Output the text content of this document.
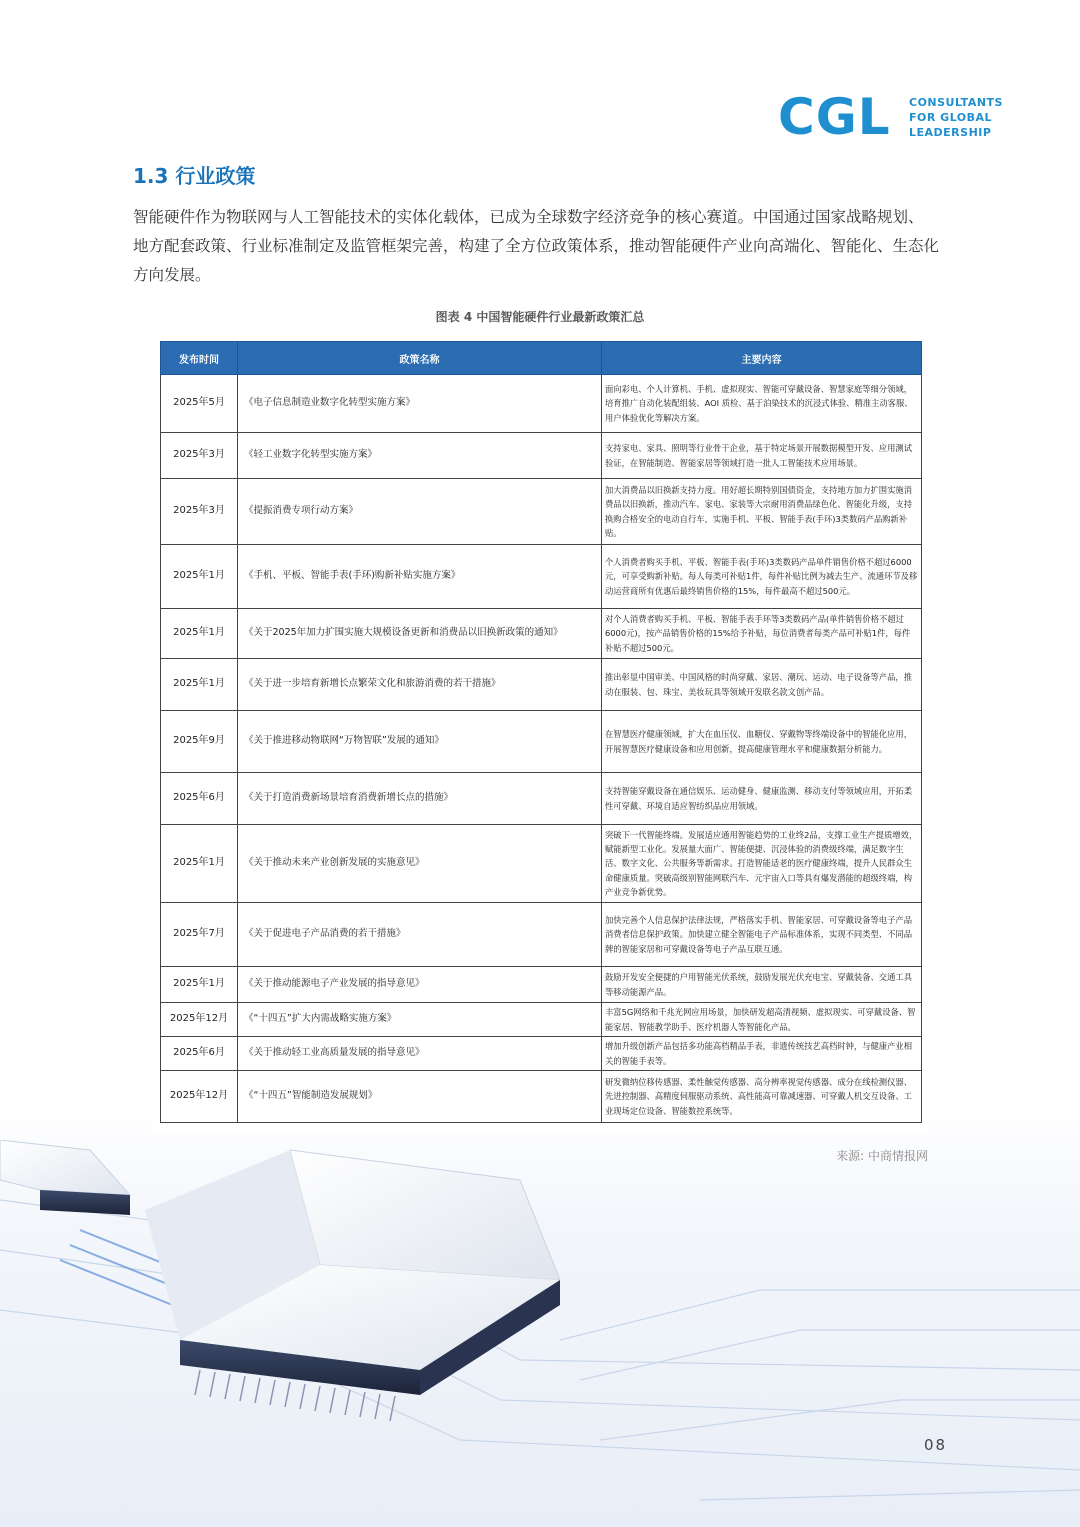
CGL CONSULTANTS
FOR GLOBAL
LEADERSHIP
1.3 行业政策

智能硬件作为物联网与人工智能技术的实体化载体，已成为全球数字经济竞争的核心赛道。中国通过国家战略规划、

地方配套政策、行业标准制定及监管框架完善，构建了全方位政策体系，推动智能硬件产业向高端化、智能化、生态化

方向发展。

图表 4 中国智能硬件行业最新政策汇总
发布时间	政策名称	主要内容
2025年5月	《电子信息制造业数字化转型实施方案》	面向彩电、个人计算机、手机、虚拟现实、智能可穿戴设备、智慧家庭等细分领域，培育推广自动化装配组装、AOI 质检、基于泊染技术的沉浸式体验、精准主动客服、用户体验优化等解决方案。
2025年3月	《轻工业数字化转型实施方案》	支持家电、家具、照明等行业骨干企业，基于特定场景开展数据模型开发、应用测试验证，在智能制造、智能家居等领域打造一批人工智能技术应用场景。
2025年3月	《提振消费专项行动方案》	加大消费品以旧换新支持力度。用好超长期特别国债资金，支持地方加力扩围实施消费品以旧换新，推动汽车、家电、家装等大宗耐用消费品绿色化、智能化升级，支持换购合格安全的电动自行车，实施手机、平板、智能手表(手环)3类数码产品购新补贴。
2025年1月	《手机、平板、智能手表(手环)购新补贴实施方案》	个人消费者购买手机、平板、智能手表(手环)3类数码产品单件销售价格不超过6000元，可享受购新补贴。每人每类可补贴1件，每件补贴比例为减去生产、流通环节及移动运营商所有优惠后最终销售价格的15%，每件最高不超过500元。
2025年1月	《关于2025年加力扩围实施大规模设备更新和消费品以旧换新政策的通知》	对个人消费者购买手机、平板、智能手表手环等3类数码产品(单件销售价格不超过6000元)，按产品销售价格的15%给予补贴，每位消费者每类产品可补贴1件，每件补贴不超过500元。
2025年1月	《关于进一步培育新增长点繁荣文化和旅游消费的若干措施》	推出彰显中国审美、中国风格的时尚穿戴、家居、潮玩、运动、电子设备等产品，推动在服装、包、珠宝、美妆玩具等领域开发联名款文创产品。
2025年9月	《关于推进移动物联网“万物智联”发展的通知》	在智慧医疗健康领域，扩大在血压仪、血糖仪、穿戴物等终端设备中的智能化应用，开展智慧医疗健康设备和应用创新，提高健康管理水平和健康数据分析能力。
2025年6月	《关于打造消费新场景培育消费新增长点的措施》	支持智能穿戴设备在通信娱乐、运动健身、健康监测、移动支付等领域应用，开拓柔性可穿戴、环境自适应智纺织品应用领域。
2025年1月	《关于推动未来产业创新发展的实施意见》	突破下一代智能终端。发展适应通用智能趋势的工业终2品，支撑工业生产提质增效，赋能新型工业化。发展量大面广、智能便捷、沉浸体验的消费级终端，满足数字生活、数字文化、公共服务等新需求。打造智能适老的医疗健康终端，提升人民群众生命健康质量。突破高级别智能网联汽车、元宇宙入口等具有爆发潜能的超级终端，构产业竞争新优势。
2025年7月	《关于促进电子产品消费的若干措施》	加快完善个人信息保护法律法规，严格落实手机、智能家居、可穿戴设备等电子产品消费者信息保护政策。加快建立健全智能电子产品标准体系，实现不同类型、不同品牌的智能家居和可穿戴设备等电子产品互联互通。
2025年1月	《关于推动能源电子产业发展的指导意见》	鼓励开发安全便捷的户用智能光伏系统，鼓励发展光伏充电宝、穿戴装备、交通工具等移动能源产品。
2025年12月	《“十四五”扩大内需战略实施方案》	丰富5G网络和千兆光网应用场景，加快研发超高清视频、虚拟现实、可穿戴设备、智能家居、智能教学助手、医疗机器人等智能化产品。
2025年6月	《关于推动轻工业高质量发展的指导意见》	增加升级创新产品包括多功能高档精品手表，非遗传统技艺高档时钟，与健康产业相关的智能手表等。
2025年12月	《“十四五”智能制造发展规划》	研发微纳位移传感器、柔性触觉传感器、高分辨率视觉传感器、成分在线检测仪器、先进控制器、高精度伺服驱动系统、高性能高可靠减速器、可穿戴人机交互设备、工业现场定位设备、智能数控系统等。
来源: 中商情报网
08
